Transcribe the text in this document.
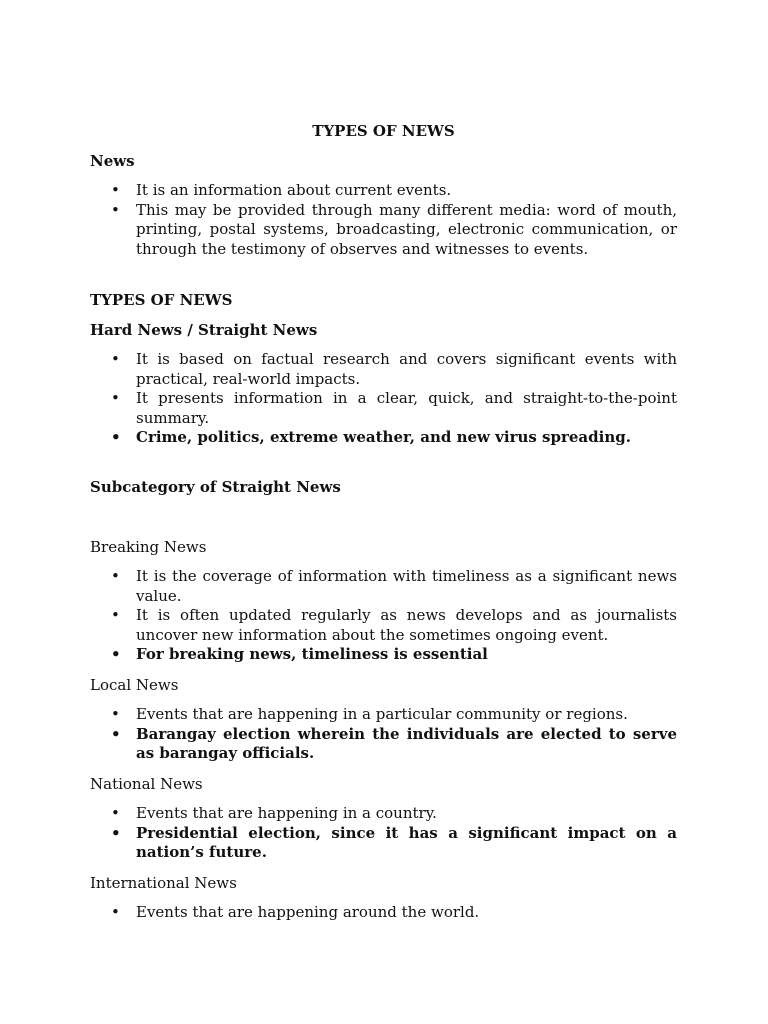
TYPES OF NEWS
News
• It is an information about current events.
• This may be provided through many different media: word of mouth, printing, postal systems, broadcasting, electronic communication, or through the testimony of observes and witnesses to events.
TYPES OF NEWS
Hard News / Straight News
• It is based on factual research and covers significant events with practical, real-world impacts.
• It presents information in a clear, quick, and straight-to-the-point summary.
• Crime, politics, extreme weather, and new virus spreading.
Subcategory of Straight News
Breaking News
• It is the coverage of information with timeliness as a significant news value.
• It is often updated regularly as news develops and as journalists uncover new information about the sometimes ongoing event.
• For breaking news, timeliness is essential
Local News
• Events that are happening in a particular community or regions.
• Barangay election wherein the individuals are elected to serve as barangay officials.
National News
• Events that are happening in a country.
• Presidential election, since it has a significant impact on a nation’s future.
International News
• Events that are happening around the world.
